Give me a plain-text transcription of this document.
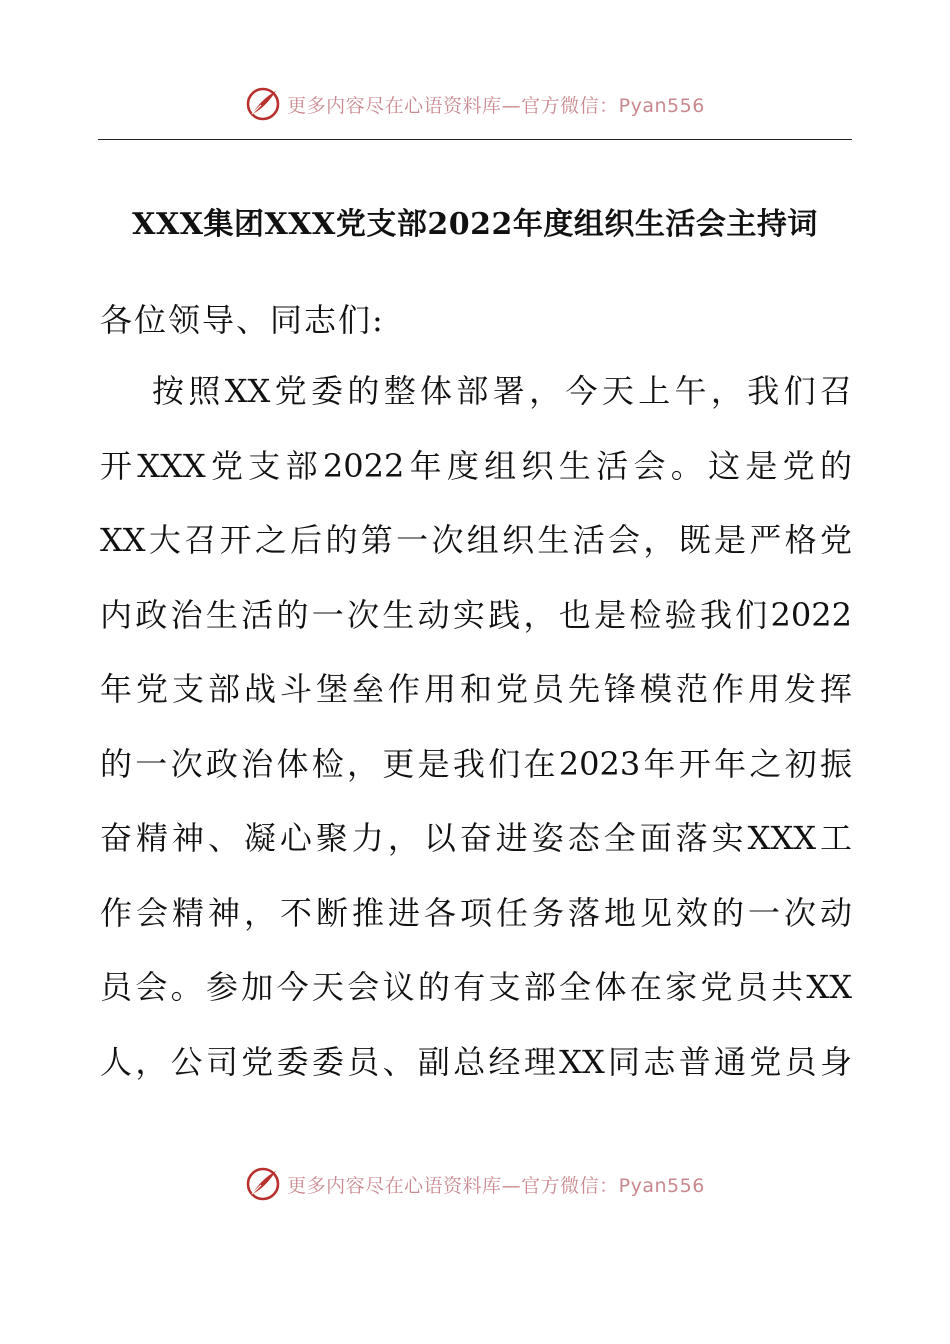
更多内容尽在心语资料库—官方微信：Pyan556
XXX集团XXX党支部2022年度组织生活会主持词

各位领导、同志们:

按照XX党委的整体部署，今天上午，我们召
开XXX党支部2022年度组织生活会。这是党的
XX大召开之后的第一次组织生活会，既是严格党
内政治生活的一次生动实践，也是检验我们2022
年党支部战斗堡垒作用和党员先锋模范作用发挥
的一次政治体检，更是我们在2023年开年之初振
奋精神、凝心聚力，以奋进姿态全面落实XXX工
作会精神，不断推进各项任务落地见效的一次动
员会。参加今天会议的有支部全体在家党员共XX
人，公司党委委员、副总经理XX同志普通党员身
更多内容尽在心语资料库—官方微信：Pyan556
